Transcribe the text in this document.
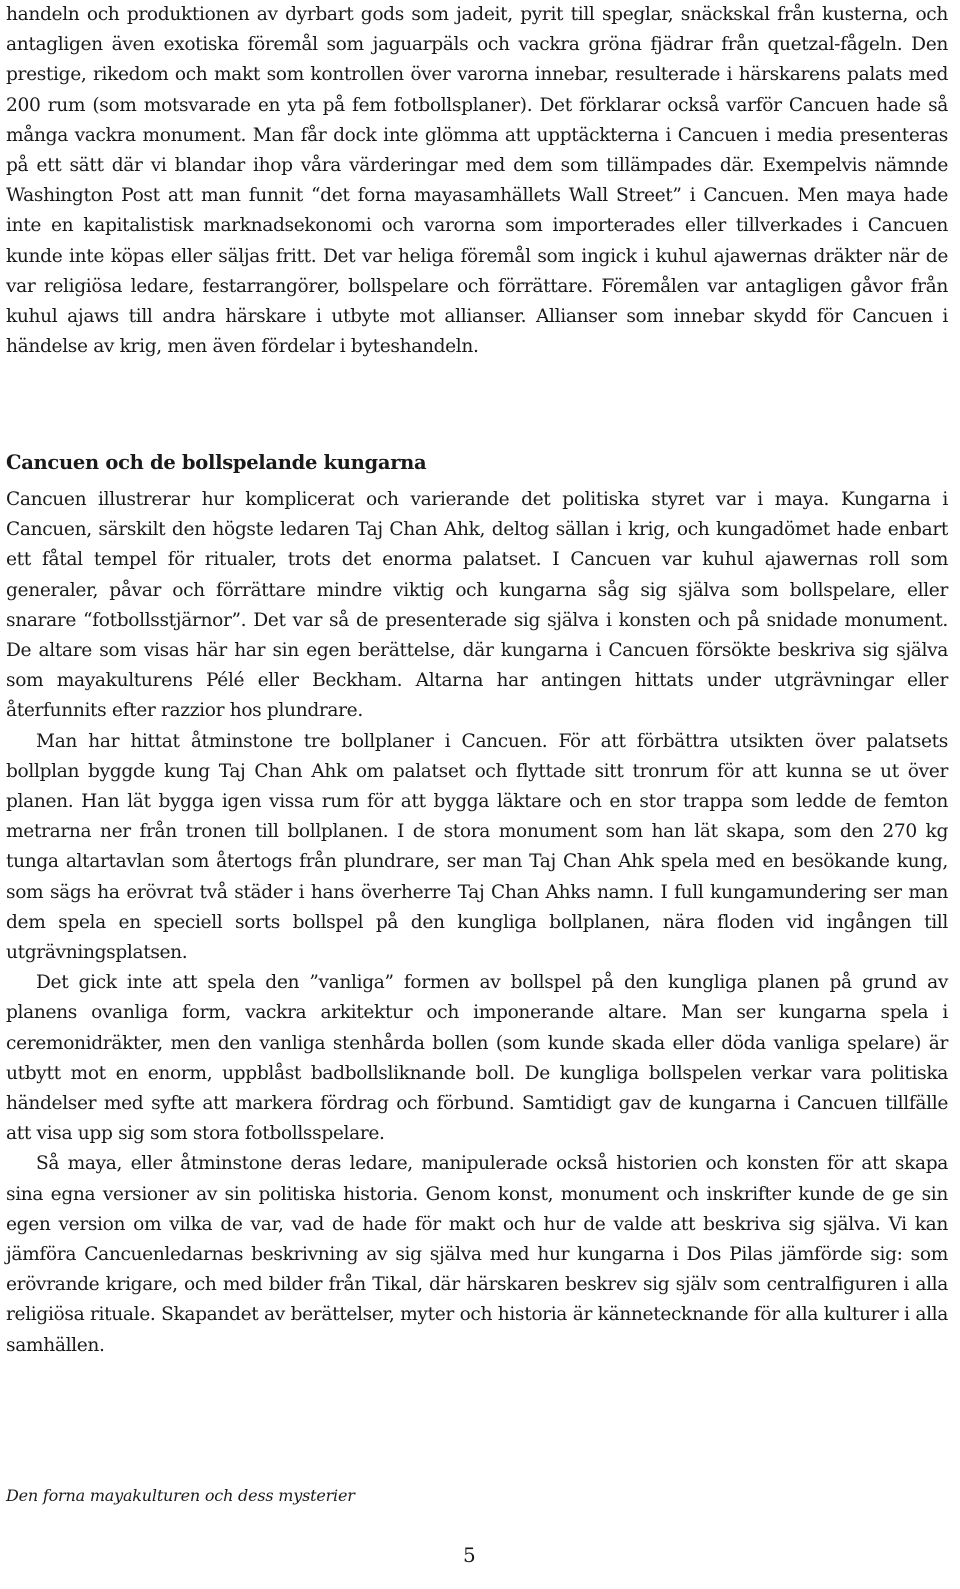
handeln och produktionen av dyrbart gods som jadeit, pyrit till speglar, snäckskal från kusterna, och antagligen även exotiska föremål som jaguarpäls och vackra gröna fjädrar från quetzal-fågeln. Den prestige, rikedom och makt som kontrollen över varorna innebar, resulterade i härskarens palats med 200 rum (som motsvarade en yta på fem fotbollsplaner). Det förklarar också varför Cancuen hade så många vackra monument. Man får dock inte glömma att upptäckterna i Cancuen i media presenteras på ett sätt där vi blandar ihop våra värderingar med dem som tillämpades där. Exempelvis nämnde Washington Post att man funnit “det forna mayasamhällets Wall Street” i Cancuen. Men maya hade inte en kapitalistisk marknadsekonomi och varorna som importerades eller tillverkades i Cancuen kunde inte köpas eller säljas fritt. Det var heliga föremål som ingick i kuhul ajawernas dräkter när de var religiösa ledare, festarrangörer, bollspelare och förrättare. Föremålen var antagligen gåvor från kuhul ajaws till andra härskare i utbyte mot allianser. Allianser som innebar skydd för Cancuen i händelse av krig, men även fördelar i byteshandeln.

Cancuen och de bollspelande kungarna

Cancuen illustrerar hur komplicerat och varierande det politiska styret var i maya. Kungarna i Cancuen, särskilt den högste ledaren Taj Chan Ahk, deltog sällan i krig, och kungadömet hade enbart ett fåtal tempel för ritualer, trots det enorma palatset. I Cancuen var kuhul ajawernas roll som generaler, påvar och förrättare mindre viktig och kungarna såg sig själva som bollspelare, eller snarare “fotbollsstjärnor”. Det var så de presenterade sig själva i konsten och på snidade monument. De altare som visas här har sin egen berättelse, där kungarna i Cancuen försökte beskriva sig själva som mayakulturens Pélé eller Beckham. Altarna har antingen hittats under utgrävningar eller återfunnits efter razzior hos plundrare.

Man har hittat åtminstone tre bollplaner i Cancuen. För att förbättra utsikten över palatsets bollplan byggde kung Taj Chan Ahk om palatset och flyttade sitt tronrum för att kunna se ut över planen. Han lät bygga igen vissa rum för att bygga läktare och en stor trappa som ledde de femton metrarna ner från tronen till bollplanen. I de stora monument som han lät skapa, som den 270 kg tunga altartavlan som återtogs från plundrare, ser man Taj Chan Ahk spela med en besökande kung, som sägs ha erövrat två städer i hans överherre Taj Chan Ahks namn. I full kungamundering ser man dem spela en speciell sorts bollspel på den kungliga bollplanen, nära floden vid ingången till utgrävningsplatsen.

Det gick inte att spela den ”vanliga” formen av bollspel på den kungliga planen på grund av planens ovanliga form, vackra arkitektur och imponerande altare. Man ser kungarna spela i ceremonidräkter, men den vanliga stenhårda bollen (som kunde skada eller döda vanliga spelare) är utbytt mot en enorm, uppblåst badbollsliknande boll. De kungliga bollspelen verkar vara politiska händelser med syfte att markera fördrag och förbund. Samtidigt gav de kungarna i Cancuen tillfälle att visa upp sig som stora fotbollsspelare.

Så maya, eller åtminstone deras ledare, manipulerade också historien och konsten för att skapa sina egna versioner av sin politiska historia. Genom konst, monument och inskrifter kunde de ge sin egen version om vilka de var, vad de hade för makt och hur de valde att beskriva sig själva. Vi kan jämföra Cancuenledarnas beskrivning av sig själva med hur kungarna i Dos Pilas jämförde sig: som erövrande krigare, och med bilder från Tikal, där härskaren beskrev sig själv som centralfiguren i alla religiösa rituale. Skapandet av berättelser, myter och historia är kännetecknande för alla kulturer i alla samhällen.

Den forna mayakulturen och dess mysterier
5
